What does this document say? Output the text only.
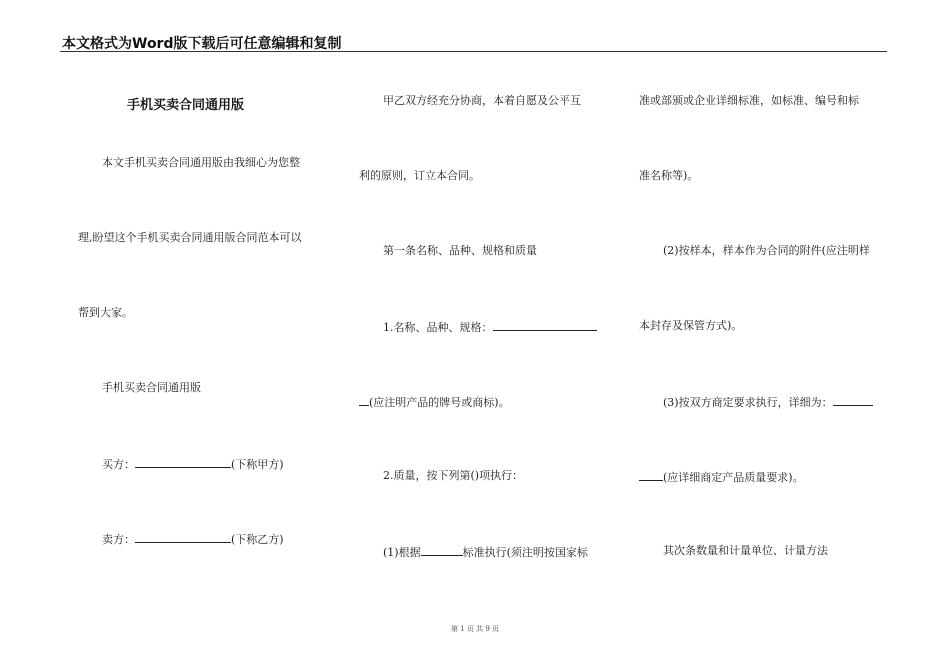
本文格式为Word版下载后可任意编辑和复制
手机买卖合同通用版
本文手机买卖合同通用版由我细心为您整
理,盼望这个手机买卖合同通用版合同范本可以
帮到大家。
手机买卖合同通用版
买方：	(下称甲方)
卖方：	(下称乙方)
甲乙双方经充分协商，本着自愿及公平互
利的原则，订立本合同。
第一条名称、品种、规格和质量
1.名称、品种、规格：
(应注明产品的牌号或商标)。
2.质量，按下列第()项执行：
(1)根据	标准执行(须注明按国家标
准或部颁或企业详细标准，如标准、编号和标
准名称等)。
(2)按样本，样本作为合同的附件(应注明样
本封存及保管方式)。
(3)按双方商定要求执行，详细为：
(应详细商定产品质量要求)。
其次条数量和计量单位、计量方法
第 1 页 共 9 页
